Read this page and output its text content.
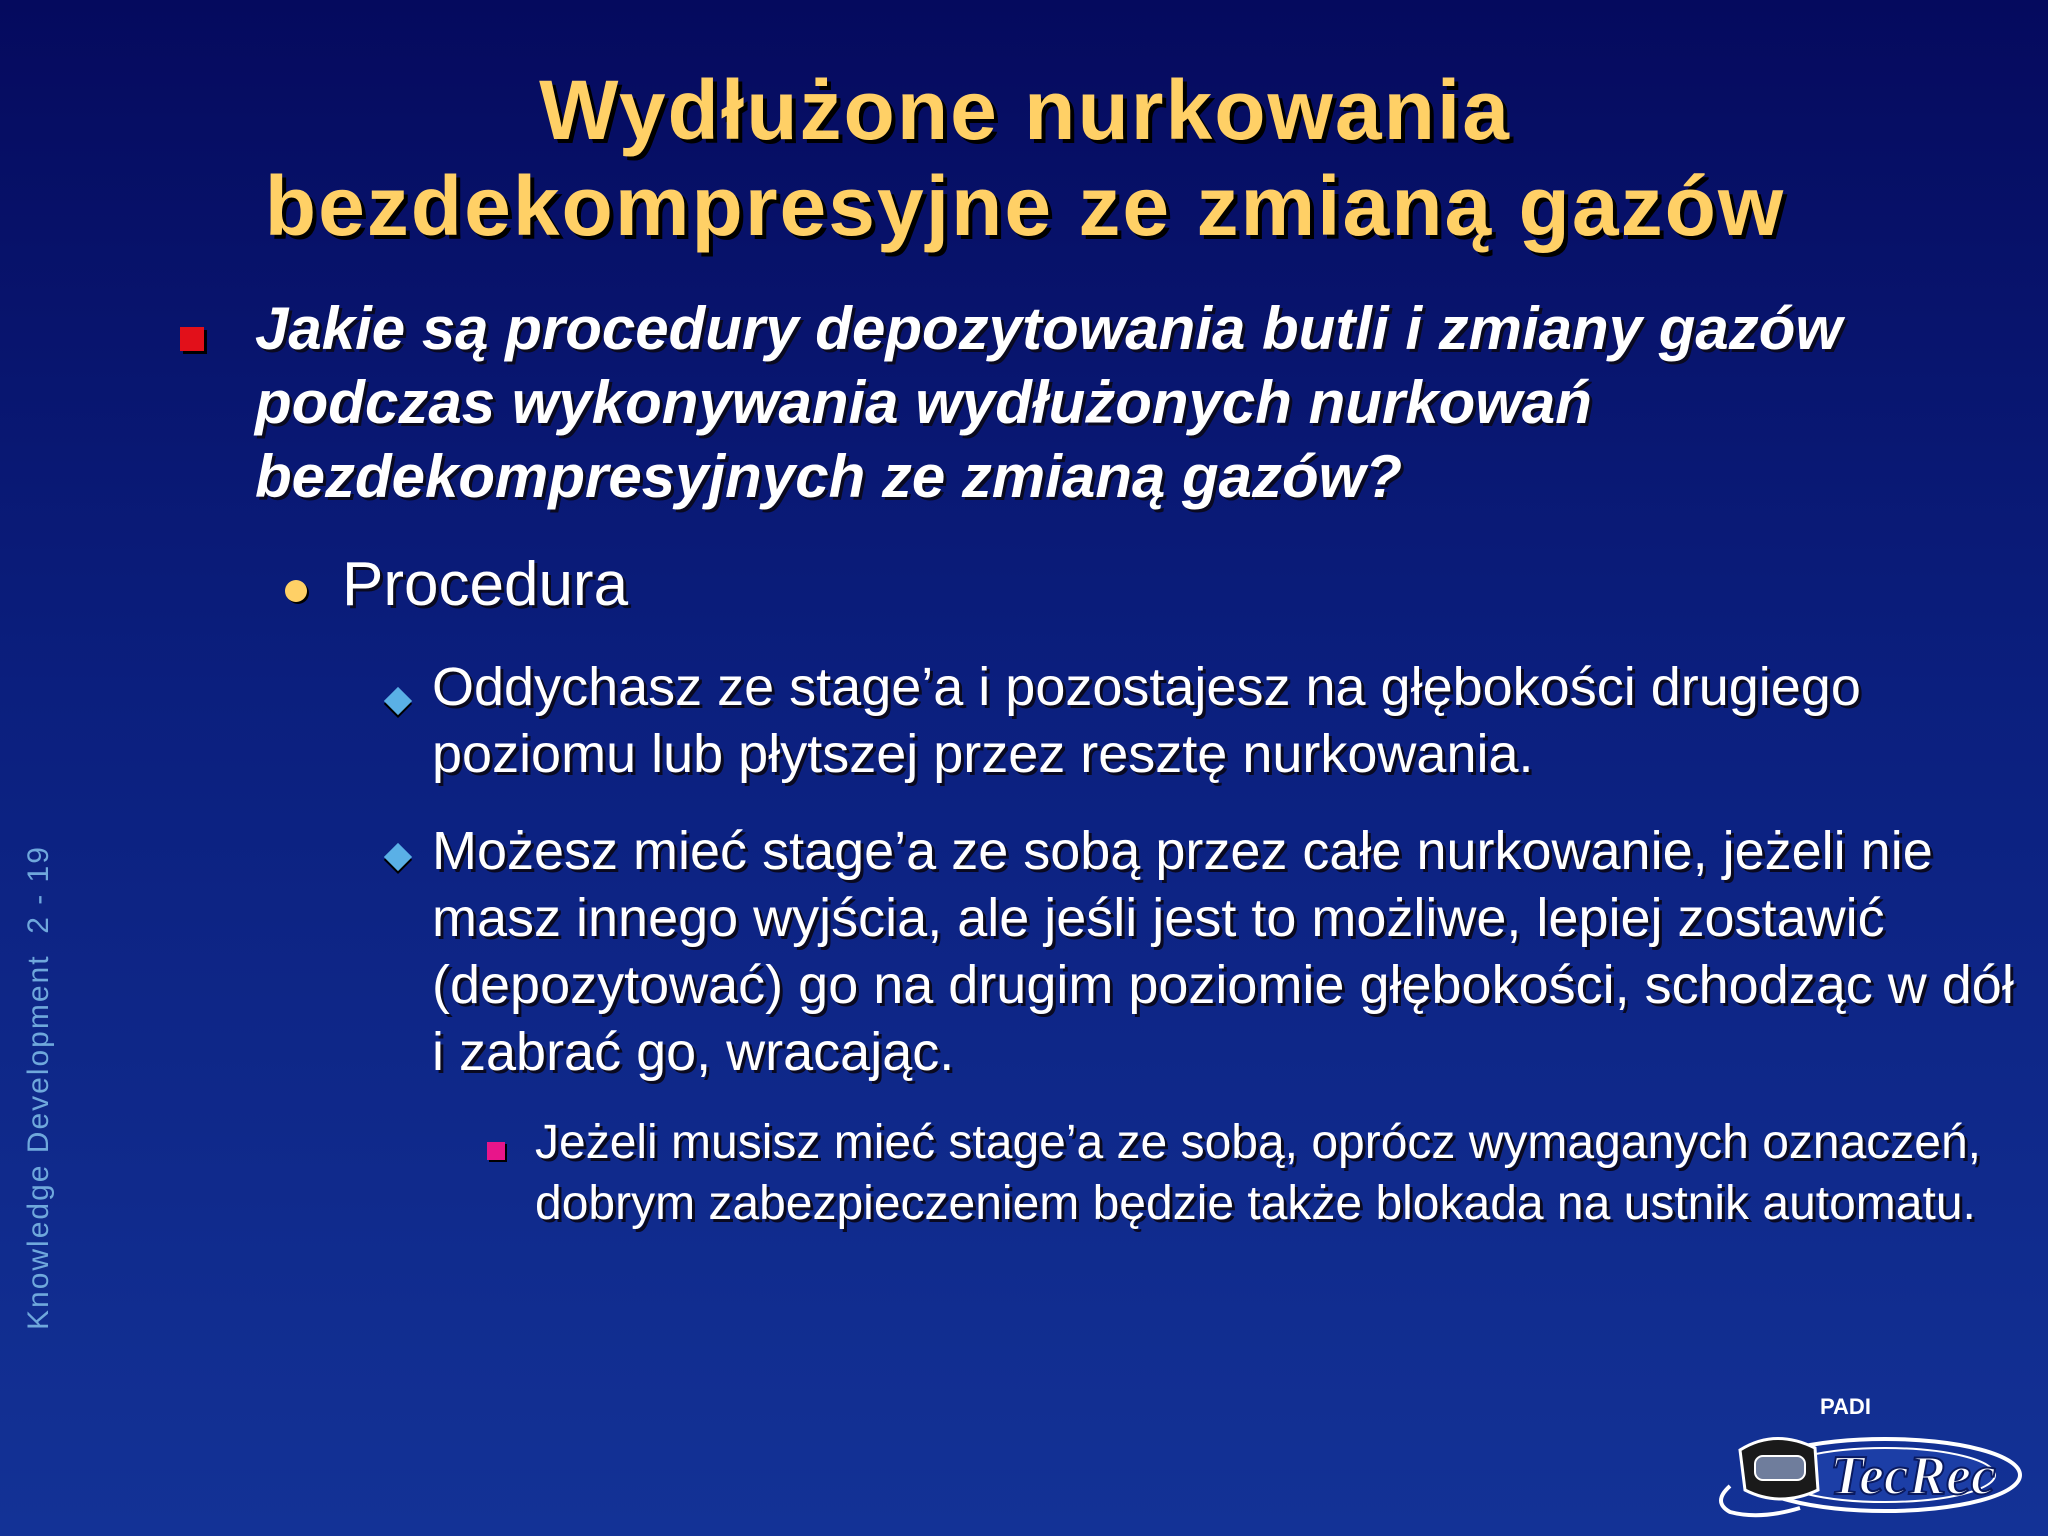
Wydłużone nurkowania
bezdekompresyjne ze zmianą gazów
Jakie są procedury depozytowania butli i zmiany gazów podczas wykonywania wydłużonych nurkowań bezdekompresyjnych ze zmianą gazów?
Procedura
Oddychasz ze stage’a i pozostajesz na głębokości drugiego poziomu lub płytszej przez resztę nurkowania.
Możesz mieć stage’a ze sobą przez całe nurkowanie, jeżeli nie masz innego wyjścia, ale jeśli jest to możliwe, lepiej zostawić (depozytować) go na drugim poziomie głębokości, schodząc w dół i zabrać go, wracając.
Jeżeli musisz mieć stage’a ze sobą, oprócz wymaganych oznaczeń, dobrym zabezpieczeniem będzie także blokada na ustnik automatu.
Knowledge Development  2 - 19
PADI
TecRec
